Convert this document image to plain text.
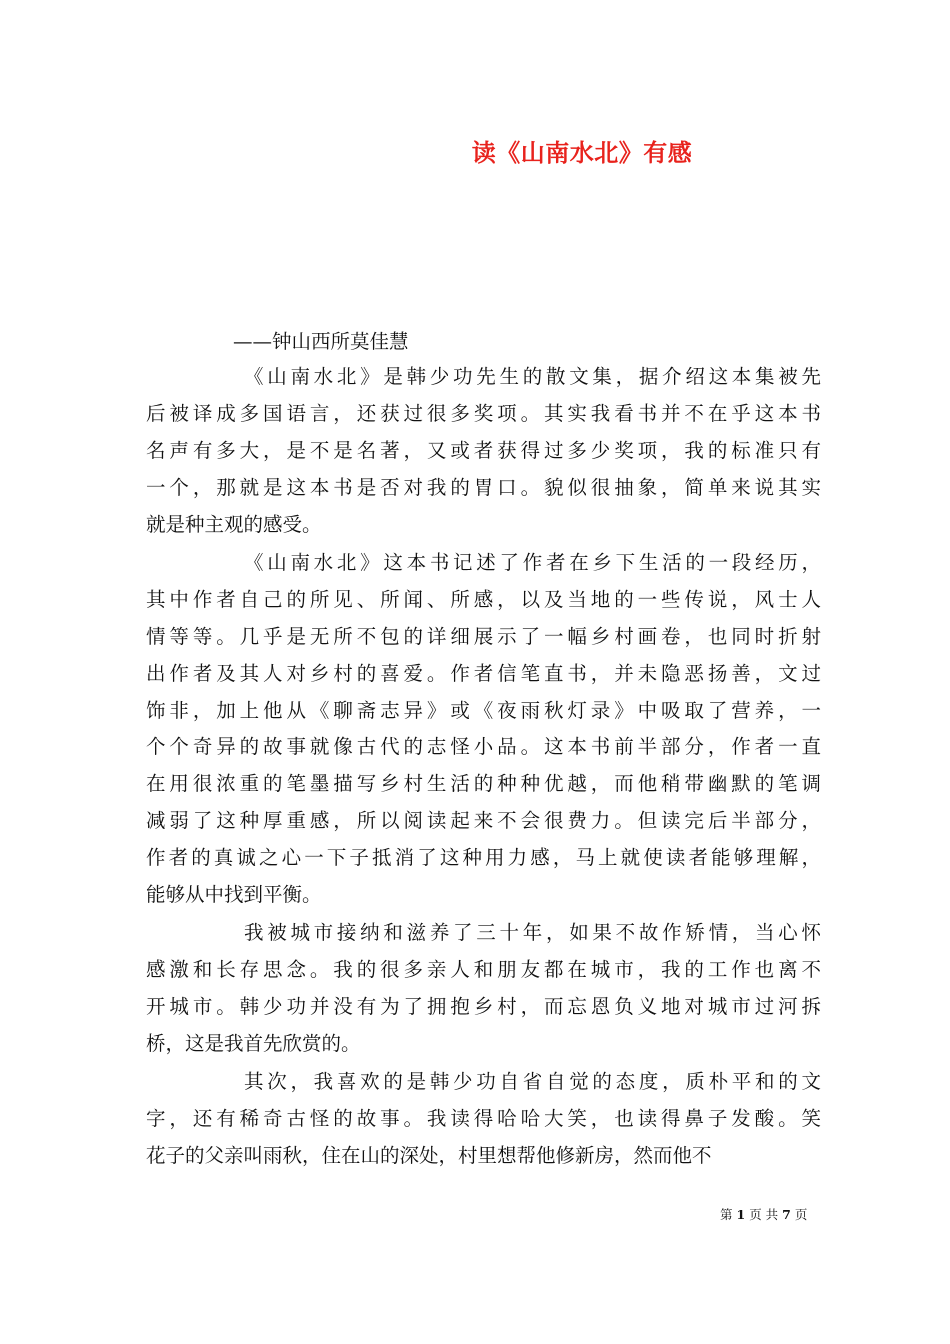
读《山南水北》有感
——钟山西所莫佳慧
《山南水北》是韩少功先生的散文集，据介绍这本集被先
后被译成多国语言，还获过很多奖项。其实我看书并不在乎这本书
名声有多大，是不是名著，又或者获得过多少奖项，我的标准只有
一个，那就是这本书是否对我的胃口。貌似很抽象，简单来说其实
就是种主观的感受。
《山南水北》这本书记述了作者在乡下生活的一段经历，
其中作者自己的所见、所闻、所感，以及当地的一些传说，风士人
情等等。几乎是无所不包的详细展示了一幅乡村画卷，也同时折射
出作者及其人对乡村的喜爱。作者信笔直书，并未隐恶扬善，文过
饰非，加上他从《聊斋志异》或《夜雨秋灯录》中吸取了营养，一
个个奇异的故事就像古代的志怪小品。这本书前半部分，作者一直
在用很浓重的笔墨描写乡村生活的种种优越，而他稍带幽默的笔调
减弱了这种厚重感，所以阅读起来不会很费力。但读完后半部分，
作者的真诚之心一下子抵消了这种用力感，马上就使读者能够理解，
能够从中找到平衡。
我被城市接纳和滋养了三十年，如果不故作矫情，当心怀
感激和长存思念。我的很多亲人和朋友都在城市，我的工作也离不
开城市。韩少功并没有为了拥抱乡村，而忘恩负义地对城市过河拆
桥，这是我首先欣赏的。
其次，我喜欢的是韩少功自省自觉的态度，质朴平和的文
字，还有稀奇古怪的故事。我读得哈哈大笑，也读得鼻子发酸。笑
花子的父亲叫雨秋，住在山的深处，村里想帮他修新房，然而他不
第 1 页 共 7 页
